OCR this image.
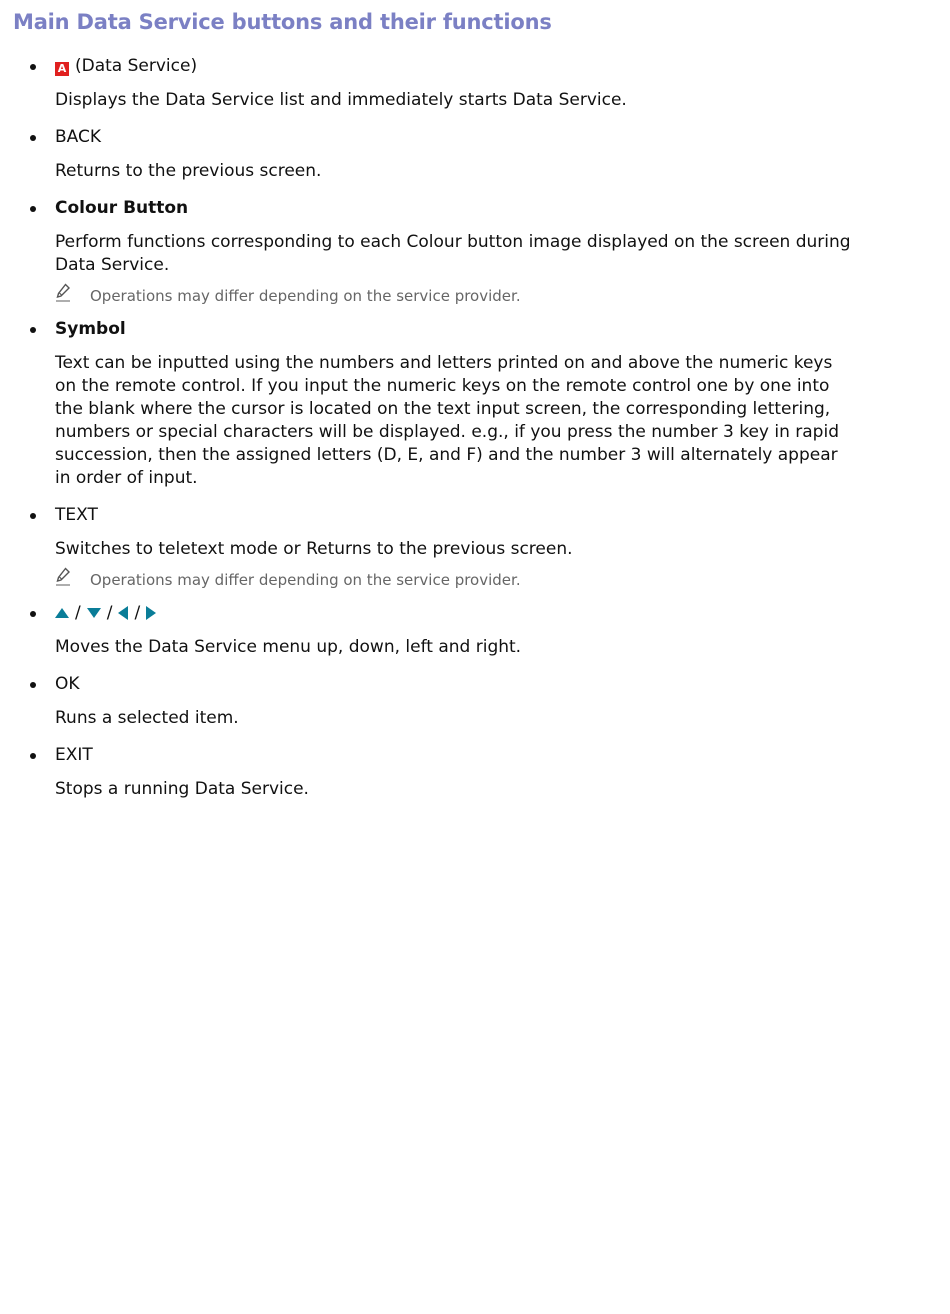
Main Data Service buttons and their functions
A (Data Service)
Displays the Data Service list and immediately starts Data Service.
BACK
Returns to the previous screen.
Colour Button
Perform functions corresponding to each Colour button image displayed on the screen during Data Service.
Operations may differ depending on the service provider.
Symbol
Text can be inputted using the numbers and letters printed on and above the numeric keys on the remote control. If you input the numeric keys on the remote control one by one into the blank where the cursor is located on the text input screen, the corresponding lettering, numbers or special characters will be displayed. e.g., if you press the number 3 key in rapid succession, then the assigned letters (D, E, and F) and the number 3 will alternately appear in order of input.
TEXT
Switches to teletext mode or Returns to the previous screen.
Operations may differ depending on the service provider.
/ / /
Moves the Data Service menu up, down, left and right.
OK
Runs a selected item.
EXIT
Stops a running Data Service.
